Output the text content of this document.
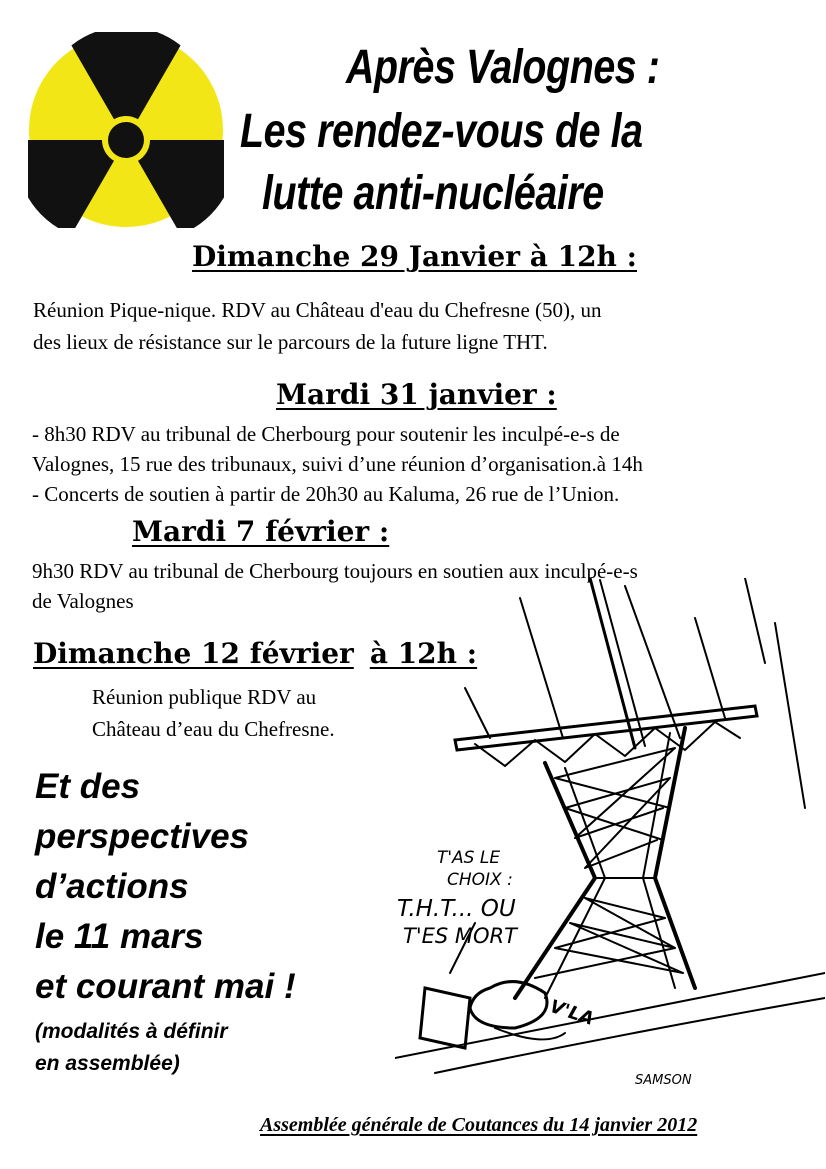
Après Valognes :
Les rendez-vous de la
lutte anti-nucléaire
Dimanche 29 Janvier à 12h :
Réunion Pique-nique. RDV au Château d'eau du Chefresne (50), un
des lieux de résistance sur le parcours de la future ligne THT.
Mardi 31 janvier :
- 8h30 RDV au tribunal de Cherbourg pour soutenir les inculpé-e-s de
Valognes, 15 rue des tribunaux, suivi d’une réunion d’organisation.à 14h
- Concerts de soutien à partir de 20h30 au Kaluma, 26 rue de l’Union.
Mardi 7 février :
9h30 RDV au tribunal de Cherbourg toujours en soutien aux inculpé-e-s
de Valognes
Dimanche 12 février à 12h :
Réunion publique RDV au
Château d’eau du Chefresne.
Et des
perspectives
d’actions
le 11 mars
et courant mai !
(modalités à définir
en assemblée)
T'AS LE
CHOIX :
T.H.T... OU
T'ES MORT
V'LA
SAMSON
Assemblée générale de Coutances du 14 janvier 2012
